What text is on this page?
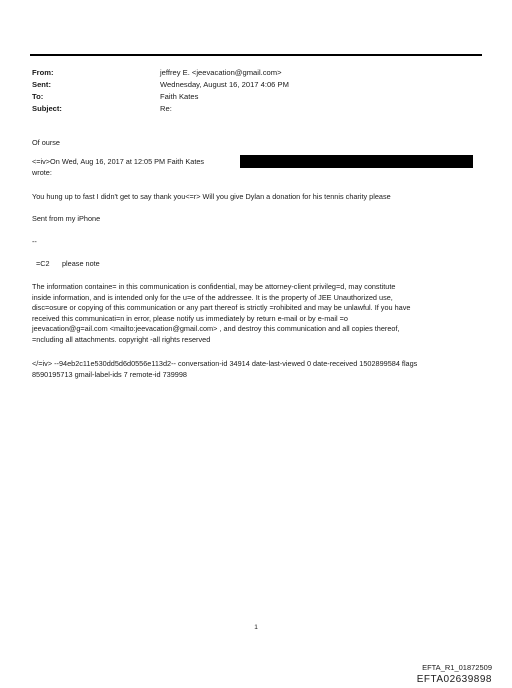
From:	jeffrey E. <jeevacation@gmail.com>
Sent:	Wednesday, August 16, 2017 4:06 PM
To:	Faith Kates
Subject:	Re:
Of ourse
<=iv>On Wed, Aug 16, 2017 at 12:05 PM Faith Kates
wrote:
You hung up to fast I didn't get to say thank you<=r> Will you give Dylan a donation for his tennis charity please
Sent from my iPhone
--
=C2 please note
The information containe= in this communication is confidential, may be attorney-client privileg=d, may constitute
inside information, and is intended only for the u=e of the addressee. It is the property of JEE Unauthorized use,
disc=osure or copying of this communication or any part thereof is strictly =rohibited and may be unlawful. If you have
received this communicati=n in error, please notify us immediately by return e-mail or by e-mail =o
jeevacation@g=ail.com <mailto:jeevacation@gmail.com> , and destroy this communication and all copies thereof,
=ncluding all attachments. copyright -all rights reserved
</=iv> --94eb2c11e530dd5d6d0556e113d2-- conversation-id 34914 date-last-viewed 0 date-received 1502899584 flags
8590195713 gmail-label-ids 7 remote-id 739998
1
EFTA_R1_01872509
EFTA02639898
